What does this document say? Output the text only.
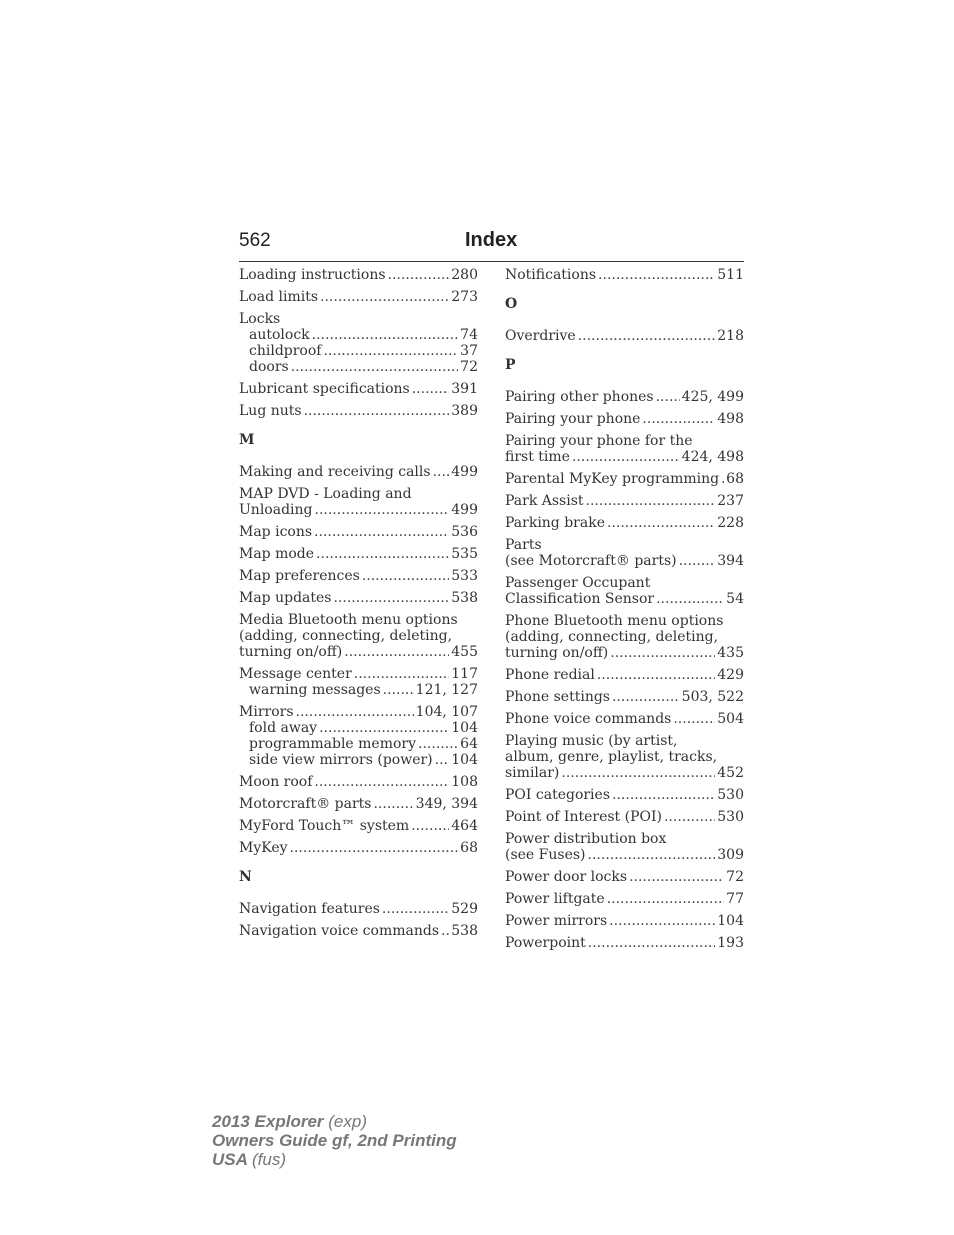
562	Index
Loading instructions .....	280
Load limits .....	273
Locks
autolock .....	74
childproof .....	37
doors .....	72
Lubricant specifications .....	391
Lug nuts .....	389
M
Making and receiving calls ..... 499
MAP DVD - Loading and
Unloading .....	499
Map icons .....	536
Map mode .....	535
Map preferences .....	533
Map updates .....	538
Media Bluetooth menu options
(adding, connecting, deleting,
turning on/off) .....	455
Message center .....	117
warning messages .....	121, 127
Mirrors .....	104, 107
fold away .....	104
programmable memory .....	64
side view mirrors (power) ..... 104
Moon roof .....	108
Motorcraft® parts .....	349, 394
MyFord Touch™ system .....	464
MyKey .....	68
N
Navigation features .....	529
Navigation voice commands ..... 538
Notifications .....	511
O
Overdrive .....	218
P
Pairing other phones ..... 425, 499
Pairing your phone .....	498
Pairing your phone for the
first time .....	424, 498
Parental MyKey programming ..... 68
Park Assist .....	237
Parking brake .....	228
Parts
(see Motorcraft® parts) .....	394
Passenger Occupant
Classification Sensor .....	54
Phone Bluetooth menu options
(adding, connecting, deleting,
turning on/off) .....	435
Phone redial .....	429
Phone settings .....	503, 522
Phone voice commands .....	504
Playing music (by artist,
album, genre, playlist, tracks,
similar) .....	452
POI categories .....	530
Point of Interest (POI) .....	530
Power distribution box
(see Fuses) .....	309
Power door locks .....	72
Power liftgate .....	77
Power mirrors .....	104
Powerpoint .....	193
2013 Explorer (exp)
Owners Guide gf, 2nd Printing
USA (fus)
